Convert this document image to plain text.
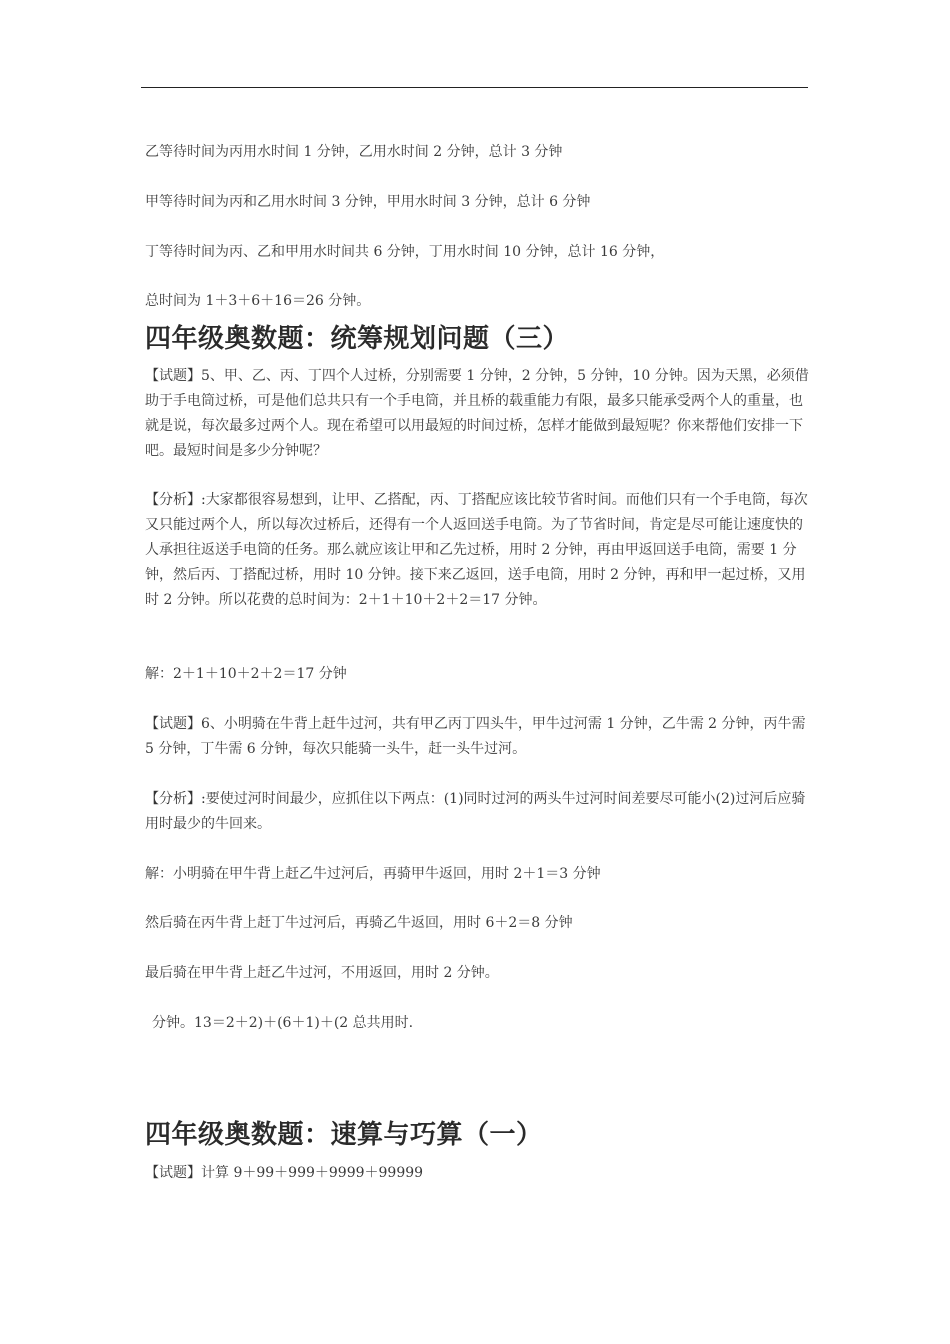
乙等待时间为丙用水时间 1 分钟，乙用水时间 2 分钟，总计 3 分钟

甲等待时间为丙和乙用水时间 3 分钟，甲用水时间 3 分钟，总计 6 分钟

丁等待时间为丙、乙和甲用水时间共 6 分钟，丁用水时间 10 分钟，总计 16 分钟，

总时间为 1＋3＋6＋16＝26 分钟。

四年级奥数题：统筹规划问题（三）

【试题】5、甲、乙、丙、丁四个人过桥，分别需要 1 分钟，2 分钟，5 分钟，10 分钟。因为天黑，必须借助于手电筒过桥，可是他们总共只有一个手电筒，并且桥的载重能力有限，最多只能承受两个人的重量，也就是说，每次最多过两个人。现在希望可以用最短的时间过桥，怎样才能做到最短呢？你来帮他们安排一下吧。最短时间是多少分钟呢？

【分析】:大家都很容易想到，让甲、乙搭配，丙、丁搭配应该比较节省时间。而他们只有一个手电筒，每次又只能过两个人，所以每次过桥后，还得有一个人返回送手电筒。为了节省时间，肯定是尽可能让速度快的人承担往返送手电筒的任务。那么就应该让甲和乙先过桥，用时 2 分钟，再由甲返回送手电筒，需要 1 分钟，然后丙、丁搭配过桥，用时 10 分钟。接下来乙返回，送手电筒，用时 2 分钟，再和甲一起过桥，又用时 2 分钟。所以花费的总时间为：2＋1＋10＋2＋2＝17 分钟。

解：2＋1＋10＋2＋2＝17 分钟

【试题】6、小明骑在牛背上赶牛过河，共有甲乙丙丁四头牛，甲牛过河需 1 分钟，乙牛需 2 分钟，丙牛需 5 分钟，丁牛需 6 分钟，每次只能骑一头牛，赶一头牛过河。

【分析】:要使过河时间最少，应抓住以下两点：(1)同时过河的两头牛过河时间差要尽可能小(2)过河后应骑用时最少的牛回来。

解：小明骑在甲牛背上赶乙牛过河后，再骑甲牛返回，用时 2＋1＝3 分钟

然后骑在丙牛背上赶丁牛过河后，再骑乙牛返回，用时 6＋2＝8 分钟

最后骑在甲牛背上赶乙牛过河，不用返回，用时 2 分钟。

分钟。13＝2＋2)＋(6＋1)＋(2 总共用时.

四年级奥数题：速算与巧算（一）

【试题】计算 9＋99＋999＋9999＋99999
